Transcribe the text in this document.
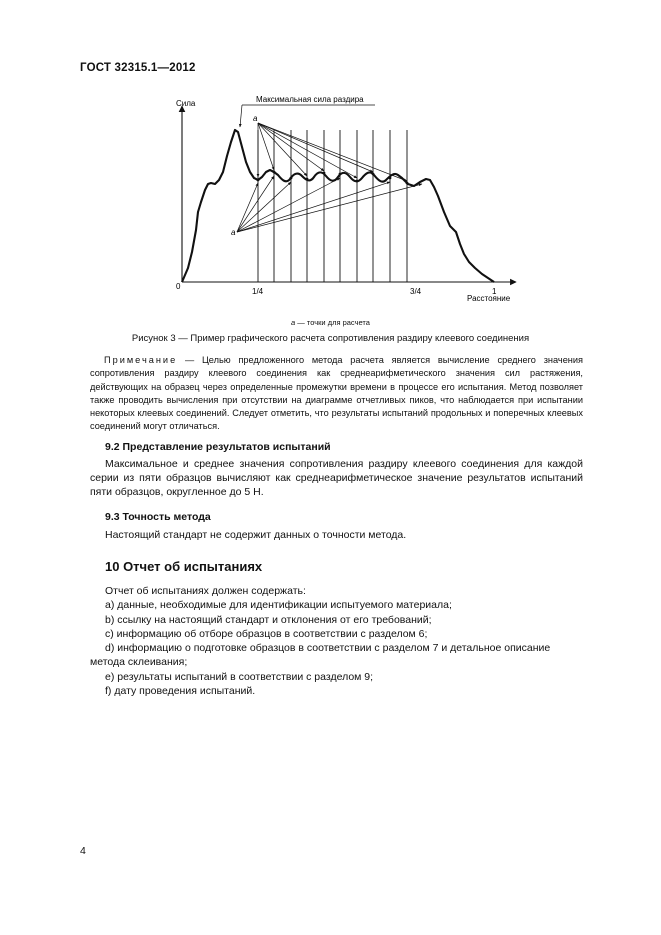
ГОСТ 32315.1—2012
Сила
Расстояние
0
1/4	3/4	1
Максимальная сила раздира
a
a
a — точки для расчета
Рисунок 3 — Пример графического расчета сопротивления раздиру клеевого соединения
Примечание — Целью предложенного метода расчета является вычисление среднего значения сопротивления раздиру клеевого соединения как среднеарифметического значения сил растяжения, действующих на образец через определенные промежутки времени в процессе его испытания. Метод позволяет также проводить вычисления при отсутствии на диаграмме отчетливых пиков, что наблюдается при испытании некоторых клеевых соединений. Следует отметить, что результаты испытаний продольных и поперечных клеевых соединений могут отличаться.
9.2 Представление результатов испытаний
Максимальное и среднее значения сопротивления раздиру клеевого соединения для каждой серии из пяти образцов вычисляют как среднеарифметическое значение результатов испытаний пяти образцов, округленное до 5 Н.
9.3 Точность метода
Настоящий стандарт не содержит данных о точности метода.
10 Отчет об испытаниях
Отчет об испытаниях должен содержать:
a) данные, необходимые для идентификации испытуемого материала;
b) ссылку на настоящий стандарт и отклонения от его требований;
c) информацию об отборе образцов в соответствии с разделом 6;
d) информацию о подготовке образцов в соответствии с разделом 7 и детальное описание метода склеивания;
e) результаты испытаний в соответствии с разделом 9;
f) дату проведения испытаний.
4
